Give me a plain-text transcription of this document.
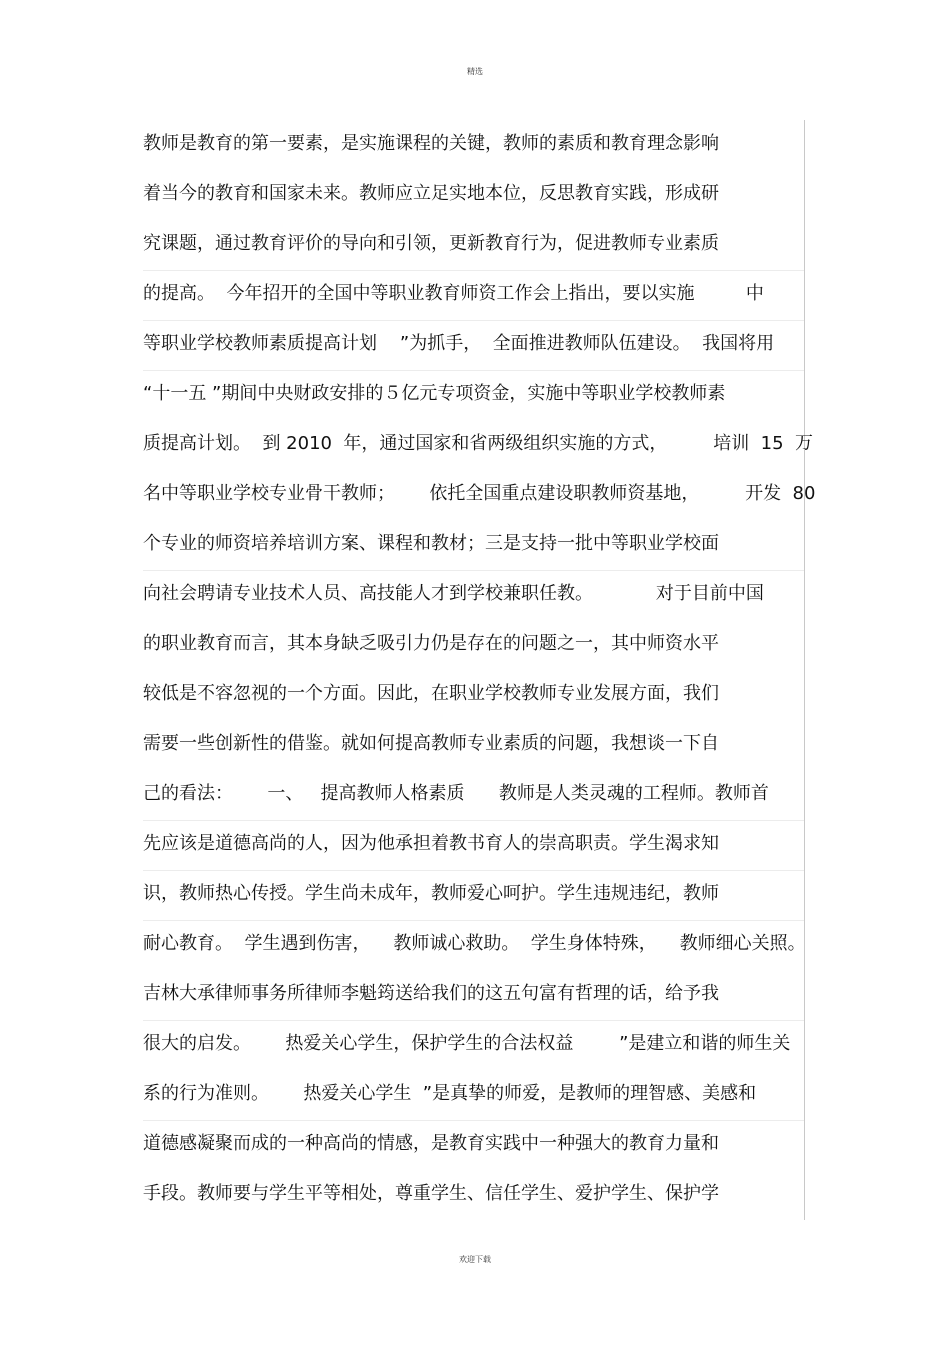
精选
教师是教育的第一要素，是实施课程的关键，教师的素质和教育理念影响
着当今的教育和国家未来。教师应立足实地本位，反思教育实践，形成研
究课题，通过教育评价的导向和引领，更新教育行为，促进教师专业素质
的提高。  今年招开的全国中等职业教育师资工作会上指出，要以实施         中
等职业学校教师素质提高计划    ”为抓手，  全面推进教师队伍建设。  我国将用
“十一五 ”期间中央财政安排的５亿元专项资金，实施中等职业学校教师素
质提高计划。  到 2010  年，通过国家和省两级组织实施的方式，        培训  15  万
名中等职业学校专业骨干教师；      依托全国重点建设职教师资基地，        开发  80
个专业的师资培养培训方案、课程和教材；三是支持一批中等职业学校面
向社会聘请专业技术人员、高技能人才到学校兼职任教。           对于目前中国
的职业教育而言，其本身缺乏吸引力仍是存在的问题之一，其中师资水平
较低是不容忽视的一个方面。因此，在职业学校教师专业发展方面，我们
需要一些创新性的借鉴。就如何提高教师专业素质的问题，我想谈一下自
己的看法：      一、   提高教师人格素质      教师是人类灵魂的工程师。教师首
先应该是道德高尚的人，因为他承担着教书育人的崇高职责。学生渴求知
识，教师热心传授。学生尚未成年，教师爱心呵护。学生违规违纪，教师
耐心教育。  学生遇到伤害，    教师诚心救助。  学生身体特殊，    教师细心关照。
吉林大承律师事务所律师李魁筠送给我们的这五句富有哲理的话，给予我
很大的启发。      热爱关心学生，保护学生的合法权益        ”是建立和谐的师生关
系的行为准则。      热爱关心学生  ”是真挚的师爱，是教师的理智感、美感和
道德感凝聚而成的一种高尚的情感，是教育实践中一种强大的教育力量和
手段。教师要与学生平等相处，尊重学生、信任学生、爱护学生、保护学
欢迎下载
